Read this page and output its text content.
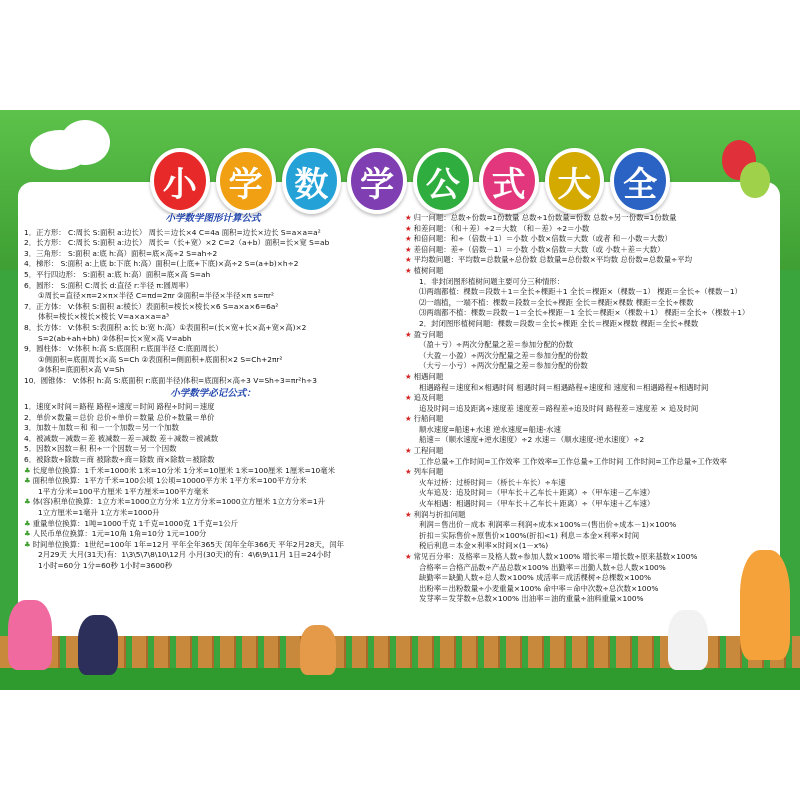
小 学 数 学 公 式 大 全
小学数学图形计算公式
1．正方形： C:周长 S:面积 a:边长） 周长＝边长×4 C=4a 面积=边长×边长 S=a×a=a²
2．长方形： C:周长 S:面积 a:边长） 周长=（长+宽）×2 C=2（a+b）面积=长×宽 S=ab
3．三角形： S:面积 a:底 h:高）面积=底×高÷2 S=ah÷2
4．梯形： S:面积 a:上底 b:下底 h:高）面积=(上底+下底)×高÷2 S=(a+b)×h÷2
5．平行四边形： S:面积 a:底 h:高）面积=底×高 S=ah
6．圆形： S:面积 C:周长 d:直径 r:半径 π:圆周率）
①周长=直径×π=2×π×半径 C=πd=2πr ②面积=半径×半径×π s=πr²
7．正方体： V:体积 S:面积 a:棱长）表面积=棱长×棱长×6 S=a×a×6=6a²
体积=棱长×棱长×棱长 V=a×a×a=a³
8．长方体： V:体积 S:表面积 a:长 b:宽 h:高）①表面积=(长×宽+长×高+宽×高)×2
S=2(ab+ah+bh) ②体积=长×宽×高 V=abh
9．圆柱体： V:体积 h:高 S:底面积 r:底面半径 C:底面周长）
①侧面积=底面周长×高 S=Ch ②表面积=侧面积+底面积×2 S=Ch+2πr²
③体积=底面积×高 V=Sh
10．圆锥体： V:体积 h:高 S:底面积 r:底面半径)体积=底面积×高÷3 V=Sh÷3=πr²h÷3
小学数学必记公式：
1．速度×时间＝路程 路程÷速度＝时间 路程÷时间＝速度
2．单价×数量＝总价 总价÷单价＝数量 总价÷数量＝单价
3．加数＋加数＝和 和－一个加数＝另一个加数
4．被减数－减数＝差 被减数－差＝减数 差＋减数＝被减数
5．因数×因数＝积 积÷一个因数＝另一个因数
6．被除数÷除数＝商 被除数÷商＝除数 商×除数＝被除数
♣ 长度单位换算：1千米=1000米 1米=10分米 1分米=10厘米 1米=100厘米 1厘米=10毫米
♣ 面积单位换算：1平方千米=100公顷 1公顷=10000平方米 1平方米=100平方分米
1平方分米=100平方厘米 1平方厘米=100平方毫米
♣ 体(容)积单位换算：1立方米=1000立方分米 1立方分米=1000立方厘米 1立方分米=1升
1立方厘米=1毫升 1立方米=1000升
♣ 重量单位换算：1吨=1000千克 1千克=1000克 1千克=1公斤
♣ 人民币单位换算：1元=10角 1角=10分 1元=100分
♣ 时间单位换算：1世纪=100年 1年=12月 平年全年365天 闰年全年366天 平年2月28天，闰年
2月29天 大月(31天)有：1\3\5\7\8\10\12月 小月(30天)的有：4\6\9\11月 1日=24小时
1小时=60分 1分=60秒 1小时=3600秒
★ 归一问题：总数÷份数=1份数量 总数÷1份数量=份数 总数÷另一份数=1份数量
★ 和差问题：（和＋差）÷2＝大数 （和－差）÷2＝小数
★ 和倍问题：和÷（倍数＋1）＝小数 小数×倍数＝大数（或者 和－小数＝大数）
★ 差倍问题：差÷（倍数－1）＝小数 小数×倍数＝大数（或 小数＋差＝大数）
★ 平均数问题：平均数=总数量÷总份数 总数量=总份数×平均数 总份数=总数量÷平均
★ 植树问题
1．非封闭图形植树问题主要可分三种情形：
⑴两端都植：棵数＝段数＋1＝全长÷棵距＋1 全长＝棵距×（棵数－1） 棵距＝全长÷（棵数－1）
⑵一端植，一端不植：棵数＝段数＝全长÷棵距 全长＝棵距×棵数 棵距＝全长÷棵数
⑶两端都不植：棵数＝段数－1＝全长÷棵距－1 全长＝棵距×（棵数＋1） 棵距＝全长÷（棵数＋1）
2．封闭图形植树问题：棵数＝段数＝全长÷棵距 全长＝棵距×棵数 棵距＝全长÷棵数
★ 盈亏问题
（盈＋亏）÷两次分配量之差＝参加分配的份数
（大盈－小盈）÷两次分配量之差＝参加分配的份数
（大亏－小亏）÷两次分配量之差＝参加分配的份数
★ 相遇问题
相遇路程＝速度和×相遇时间 相遇时间＝相遇路程÷速度和 速度和＝相遇路程÷相遇时间
★ 追及问题
追及时间＝追及距离÷速度差 速度差＝路程差÷追及时间 路程差＝速度差 × 追及时间
★ 行船问题
顺水速度=船速+水速 逆水速度=船速-水速
船速＝（顺水速度+逆水速度）÷2 水速＝（顺水速度-逆水速度）÷2
★ 工程问题
工作总量÷工作时间=工作效率 工作效率=工作总量÷工作时间 工作时间=工作总量÷工作效率
★ 列车问题
火车过桥：过桥时间＝（桥长＋车长）÷车速
火车追及：追及时间＝（甲车长＋乙车长＋距离）÷（甲车速－乙车速）
火车相遇：相遇时间＝（甲车长＋乙车长＋距离）÷（甲车速＋乙车速）
★ 利润与折扣问题
利润＝售出价－成本 利润率＝利润÷成本×100%＝(售出价÷成本－1)×100%
折扣＝实际售价÷原售价×100%(折扣<1) 利息＝本金×利率×时间
税后利息＝本金×利率×时间×(1－x%)
★ 常见百分率：及格率＝及格人数÷参加人数×100% 增长率＝增长数÷原来基数×100%
合格率＝合格产品数÷产品总数×100% 出勤率＝出勤人数÷总人数×100%
缺勤率＝缺勤人数÷总人数×100% 成活率＝成活棵树÷总棵数×100%
出粉率＝出粉数量÷小麦重量×100% 命中率＝命中次数÷总次数×100%
发芽率＝发芽数÷总数×100% 出油率＝油的重量÷油料重量×100%
